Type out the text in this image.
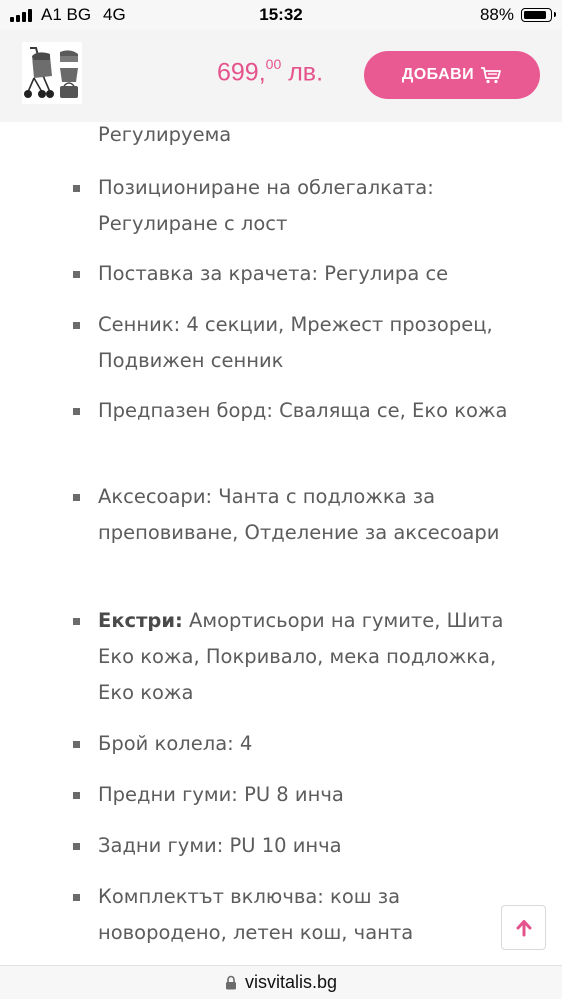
A1 BG 4G	15:32	88%
699,00 лв.	ДОБАВИ
Регулируема
Позициониране на облегалката: Регулиране с лост
Поставка за крачета: Регулира се
Сенник: 4 секции, Мрежест прозорец, Подвижен сенник
Предпазен борд: Сваляща се, Еко кожа
Аксесоари: Чанта с подложка за преповиване, Отделение за аксесоари
Екстри: Амортисьори на гумите, Шита Еко кожа, Покривало, мека подложка, Еко кожа
Брой колела: 4
Предни гуми: PU 8 инча
Задни гуми: PU 10 инча
Комплектът включва: кош за новородено, летен кош, чанта
visvitalis.bg
